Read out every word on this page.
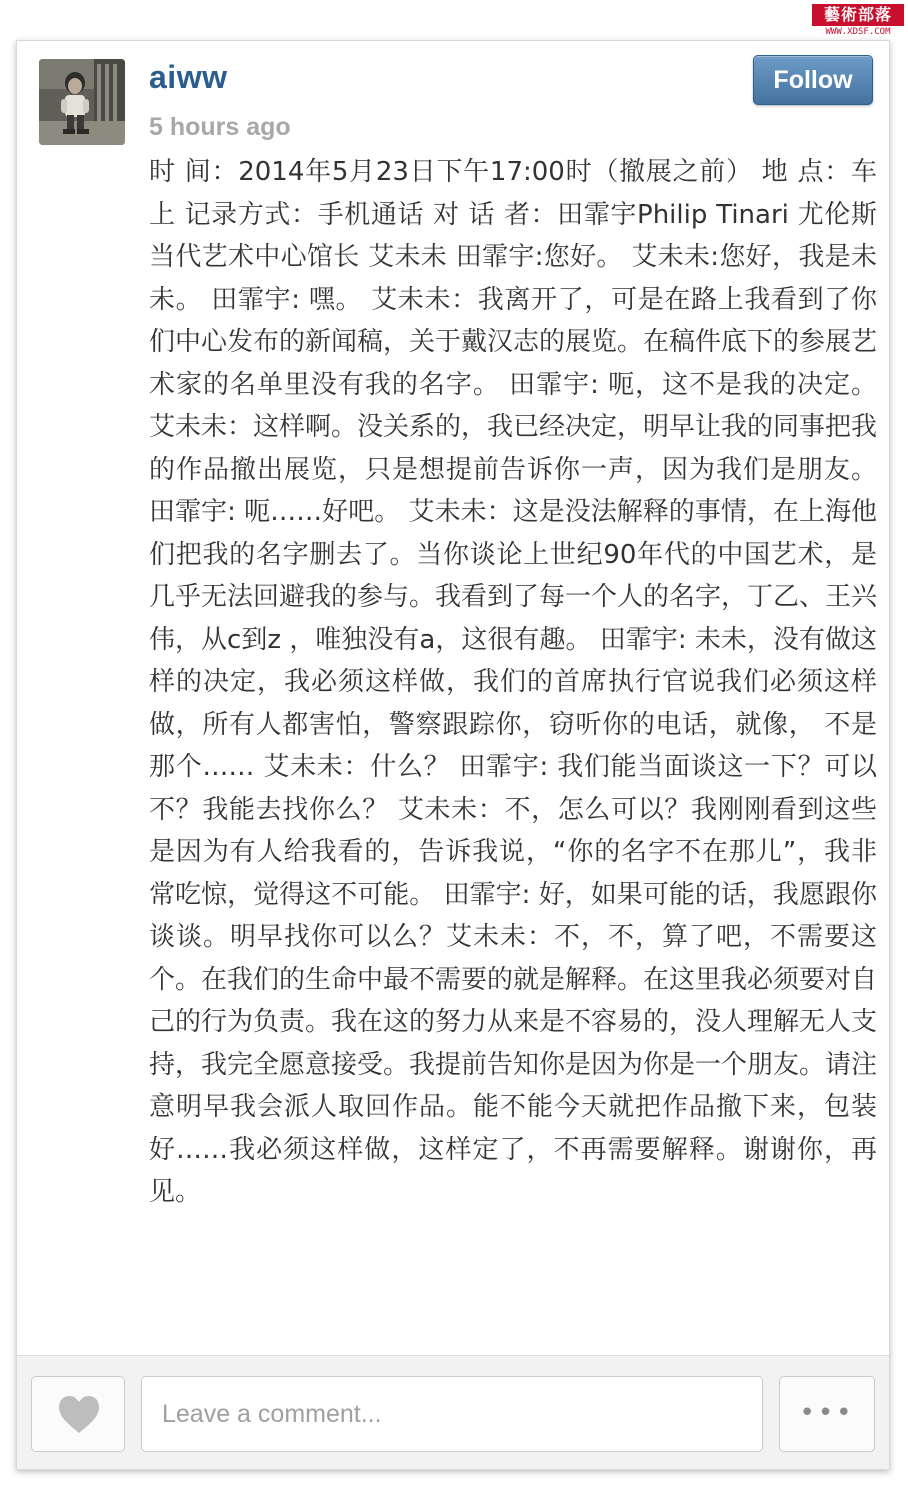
藝術部落
WWW.XDSF.COM
aiww
5 hours ago
Follow

时 间：2014年5月23日下午17:00时（撤展之前） 地 点：车上 记录方式：手机通话 对 话 者：田霏宇Philip Tinari 尤伦斯当代艺术中心馆长 艾未未 田霏宇:您好。 艾未未:您好，我是未未。 田霏宇: 嘿。 艾未未：我离开了，可是在路上我看到了你们中心发布的新闻稿，关于戴汉志的展览。在稿件底下的参展艺术家的名单里没有我的名字。 田霏宇: 呃，这不是我的决定。 艾未未：这样啊。没关系的，我已经决定，明早让我的同事把我的作品撤出展览，只是想提前告诉你一声，因为我们是朋友。 田霏宇: 呃……好吧。 艾未未：这是没法解释的事情，在上海他们把我的名字删去了。当你谈论上世纪90年代的中国艺术，是几乎无法回避我的参与。我看到了每一个人的名字，丁乙、王兴伟，从c到z ，唯独没有a，这很有趣。 田霏宇: 未未，没有做这样的决定，我必须这样做，我们的首席执行官说我们必须这样做，所有人都害怕，警察跟踪你，窃听你的电话，就像， 不是那个…… 艾未未：什么？ 田霏宇: 我们能当面谈这一下？可以不？我能去找你么？ 艾未未：不，怎么可以？我刚刚看到这些是因为有人给我看的，告诉我说，“你的名字不在那儿”，我非常吃惊，觉得这不可能。 田霏宇: 好，如果可能的话，我愿跟你谈谈。明早找你可以么？艾未未：不，不，算了吧，不需要这个。在我们的生命中最不需要的就是解释。在这里我必须要对自己的行为负责。我在这的努力从来是不容易的，没人理解无人支持，我完全愿意接受。我提前告知你是因为你是一个朋友。请注意明早我会派人取回作品。能不能今天就把作品撤下来，包装好……我必须这样做，这样定了，不再需要解释。谢谢你，再见。

Leave a comment...
•••
